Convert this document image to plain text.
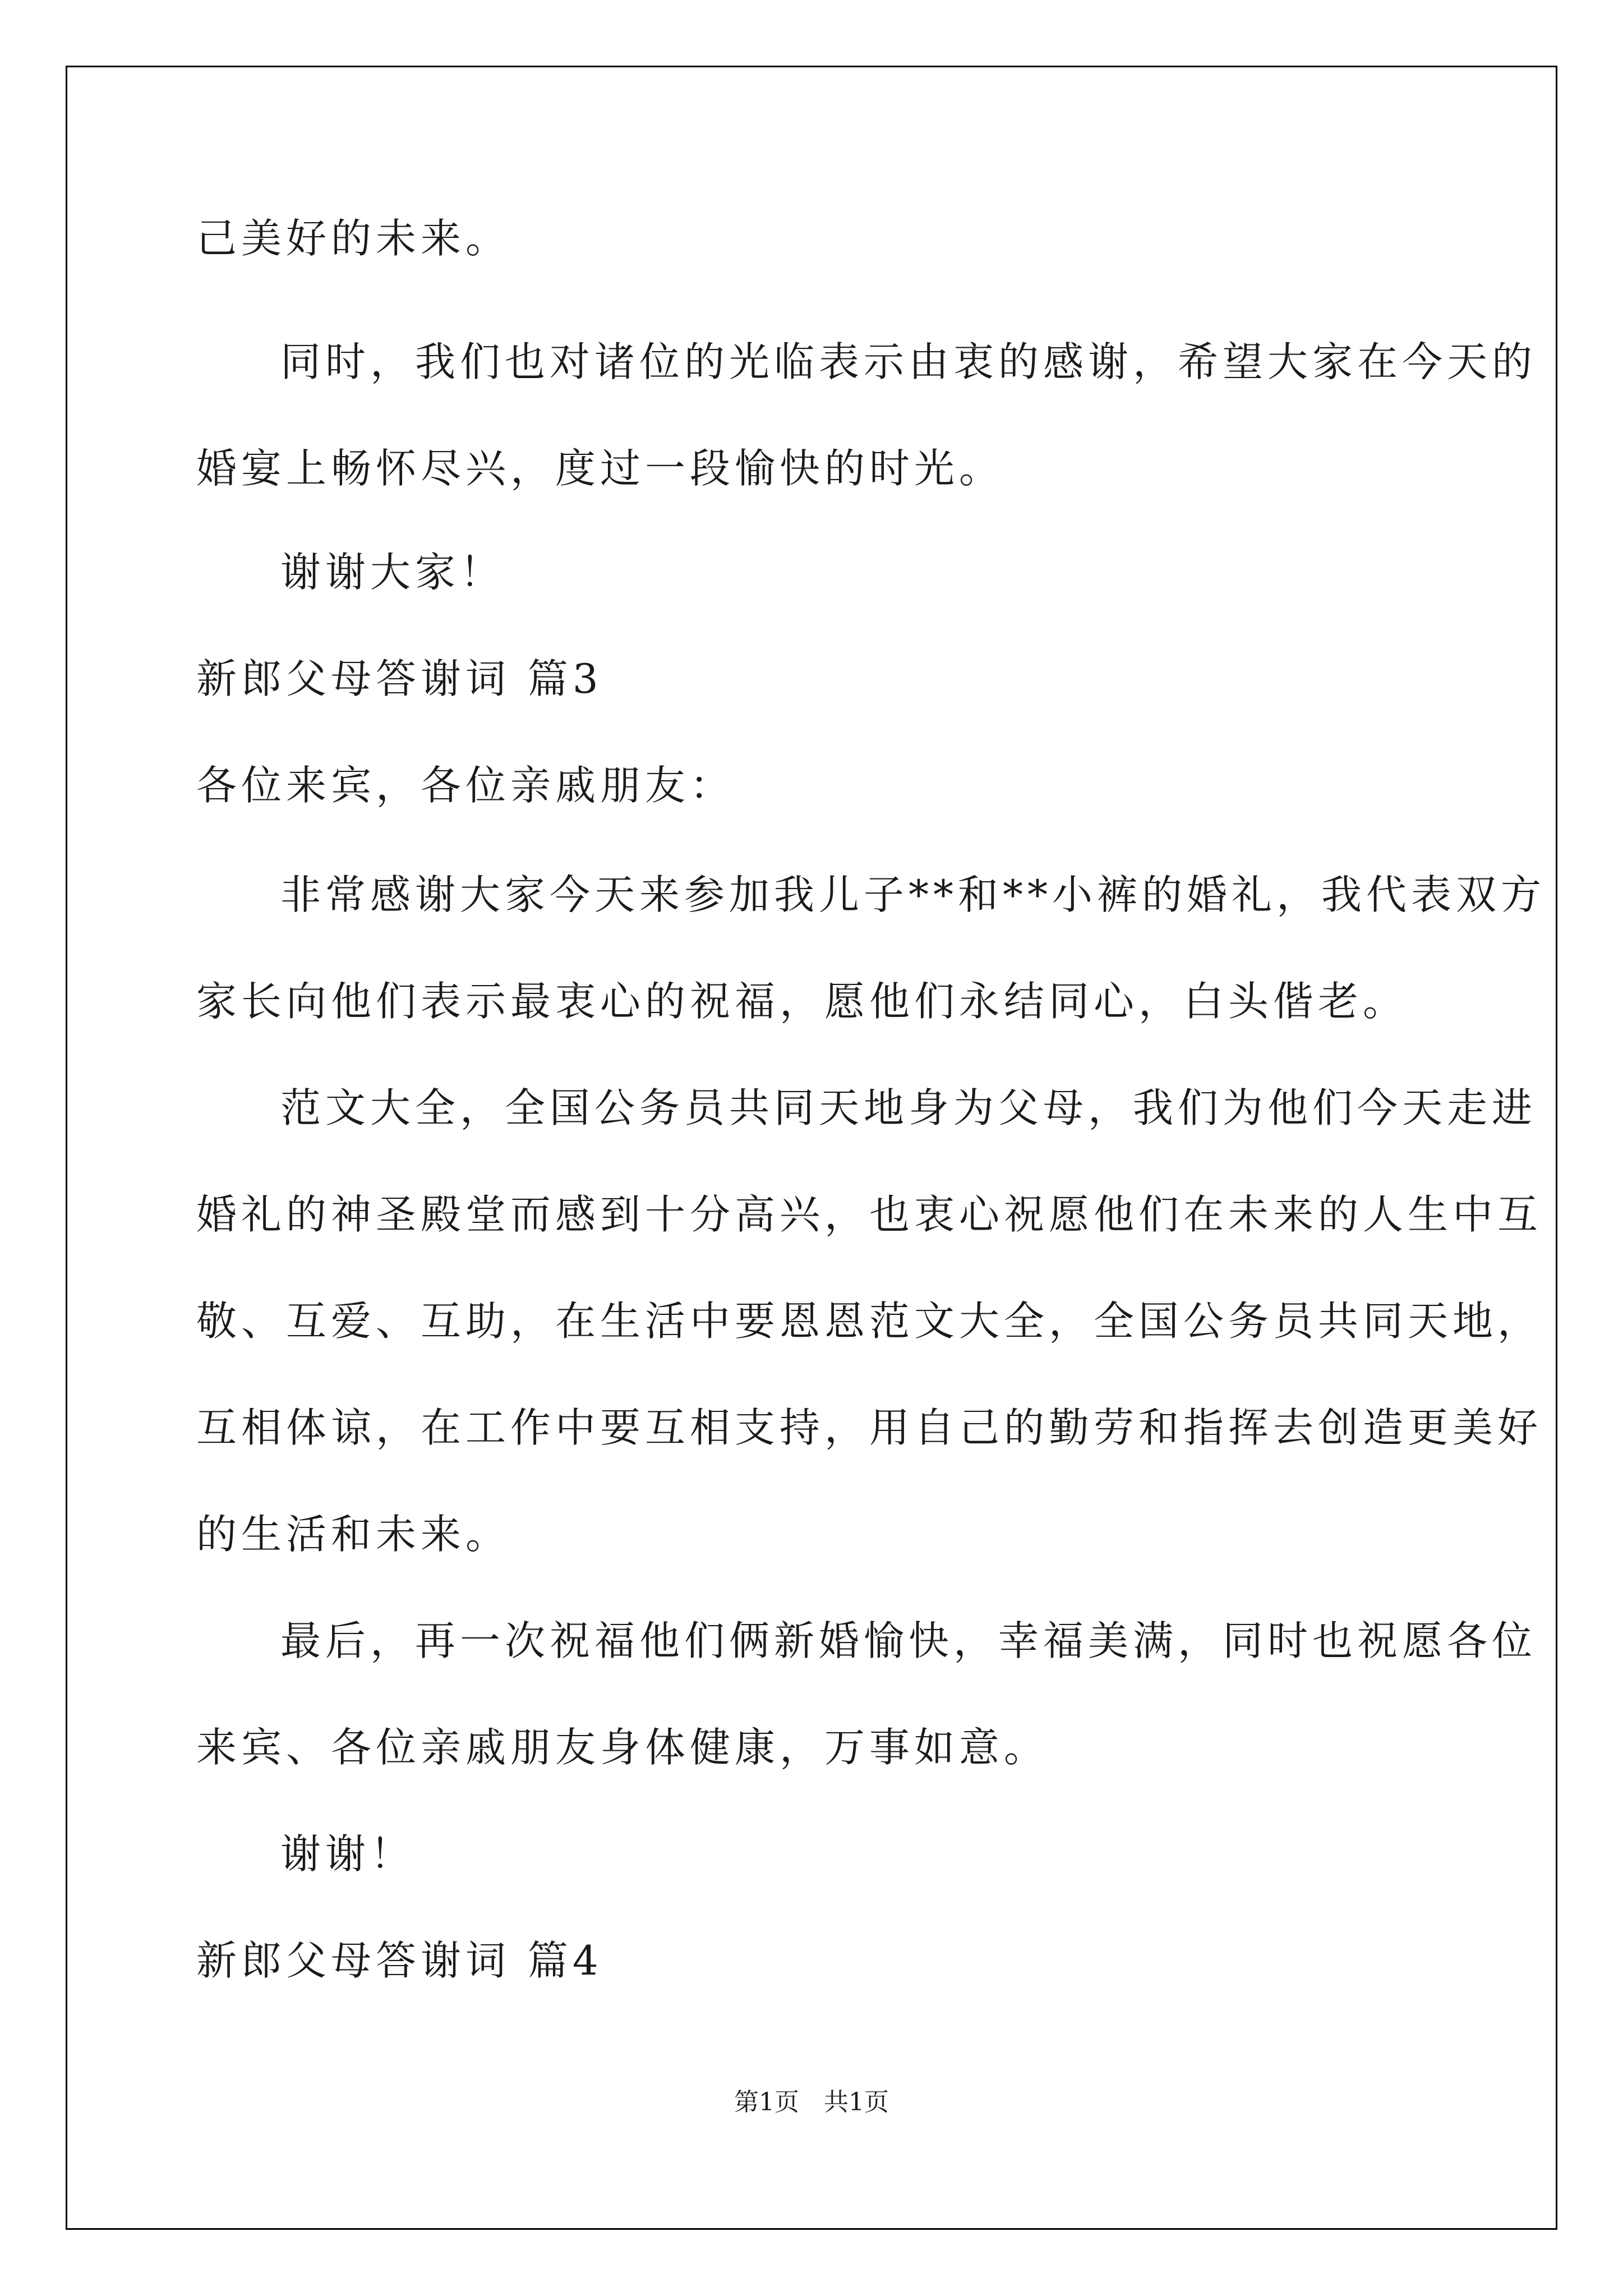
己美好的未来。
同时，我们也对诸位的光临表示由衷的感谢，希望大家在今天的
婚宴上畅怀尽兴，度过一段愉快的时光。
谢谢大家！
新郎父母答谢词 篇3
各位来宾，各位亲戚朋友：
非常感谢大家今天来参加我儿子**和**小裤的婚礼，我代表双方
家长向他们表示最衷心的祝福，愿他们永结同心，白头偕老。
范文大全，全国公务员共同天地身为父母，我们为他们今天走进
婚礼的神圣殿堂而感到十分高兴，也衷心祝愿他们在未来的人生中互
敬、互爱、互助，在生活中要恩恩范文大全，全国公务员共同天地，
互相体谅，在工作中要互相支持，用自己的勤劳和指挥去创造更美好
的生活和未来。
最后，再一次祝福他们俩新婚愉快，幸福美满，同时也祝愿各位
来宾、各位亲戚朋友身体健康，万事如意。
谢谢！
新郎父母答谢词 篇4
第1页　共1页
